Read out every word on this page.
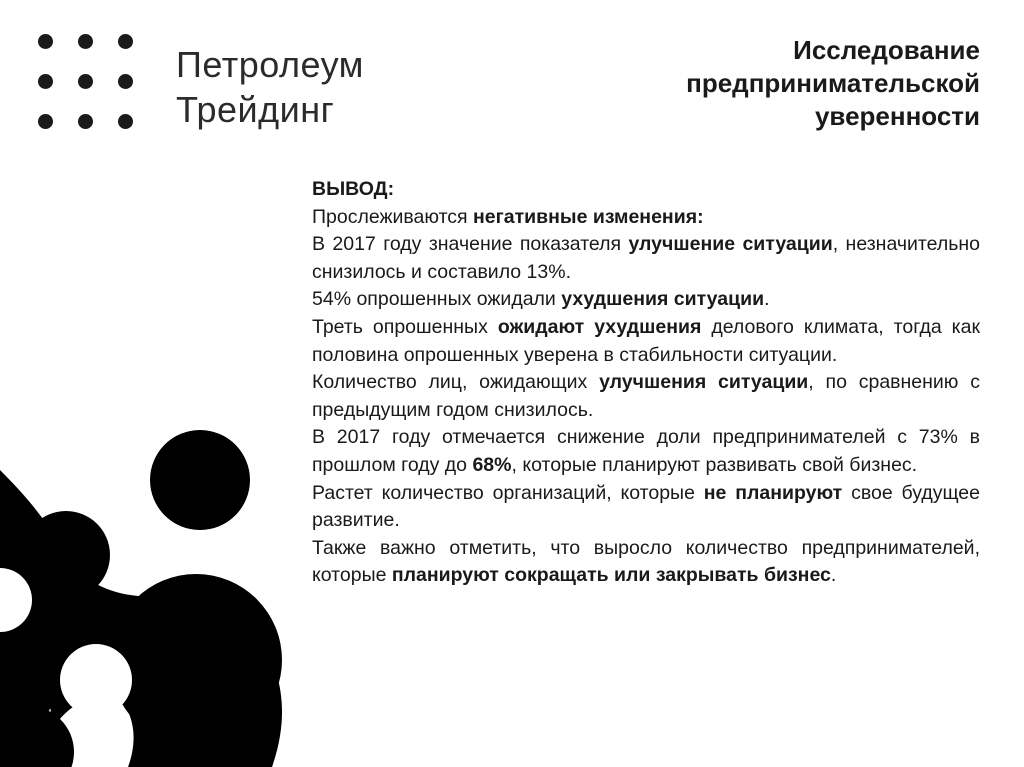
Петролеум
Трейдинг
Исследование
предпринимательской
уверенности

ВЫВОД:

Прослеживаются негативные изменения:

В 2017 году значение показателя улучшение ситуации, незначительно снизилось и составило 13%.

54% опрошенных ожидали ухудшения ситуации.

Треть опрошенных ожидают ухудшения делового климата, тогда как половина опрошенных уверена в стабильности ситуации.

Количество лиц, ожидающих улучшения ситуации, по сравнению с предыдущим годом снизилось.

В 2017 году отмечается снижение доли предпринимателей с 73% в прошлом году до 68%, которые планируют развивать свой бизнес.

Растет количество организаций, которые не планируют свое будущее развитие.

Также важно отметить, что выросло количество предпринимателей, которые планируют сокращать или закрывать бизнес.
